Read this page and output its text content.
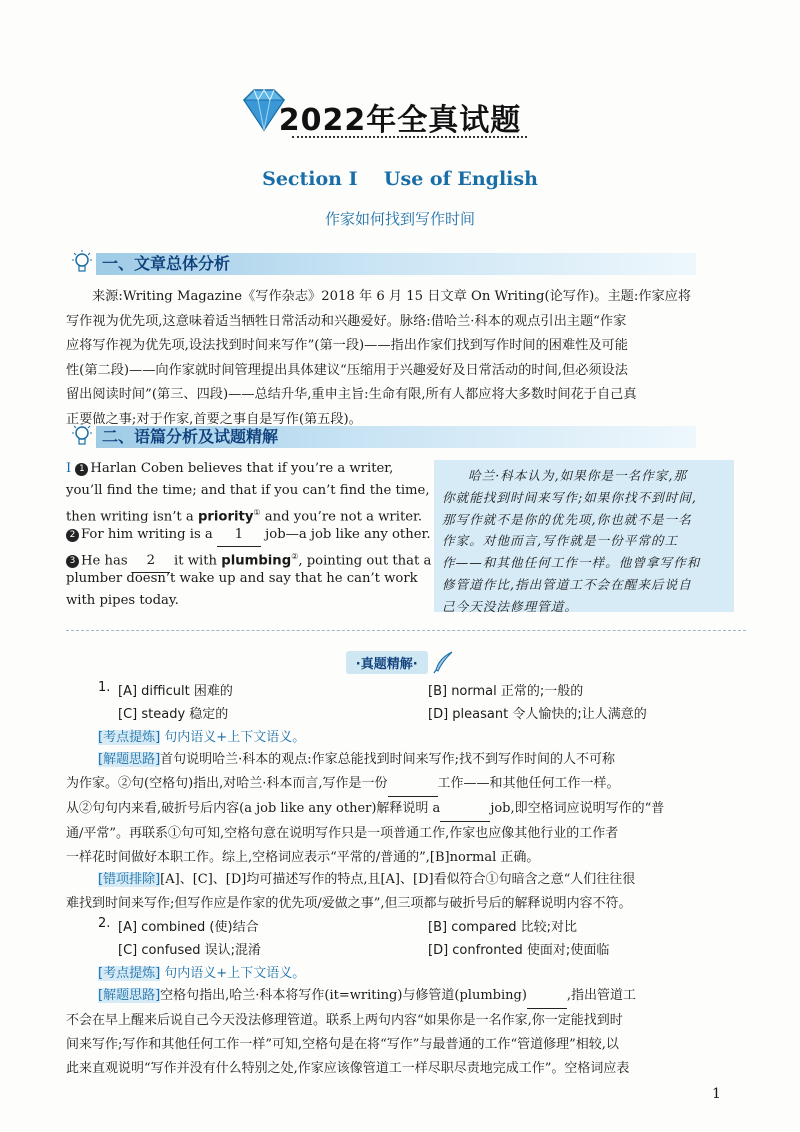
2022年全真试题
Section Ⅰ    Use of English
作家如何找到写作时间
一、文章总体分析
来源:Writing Magazine《写作杂志》2018 年 6 月 15 日文章 On Writing(论写作)。主题:作家应将
写作视为优先项,这意味着适当牺牲日常活动和兴趣爱好。脉络:借哈兰·科本的观点引出主题“作家
应将写作视为优先项,设法找到时间来写作”(第一段)——指出作家们找到写作时间的困难性及可能
性(第二段)——向作家就时间管理提出具体建议“压缩用于兴趣爱好及日常活动的时间,但必须设法
留出阅读时间”(第三、四段)——总结升华,重申主旨:生命有限,所有人都应将大多数时间花于自己真
正要做之事;对于作家,首要之事自是写作(第五段)。
二、语篇分析及试题精解
Ⅰ 1 Harlan Coben believes that if you’re a writer,
you’ll find the time; and that if you can’t find the time,
then writing isn’t a priority① and you’re not a writer.
2 For him writing is a 1 job—a job like any other.
3 He has 2 it with plumbing②, pointing out that a
plumber doesn’t wake up and say that he can’t work
with pipes today.
哈兰·科本认为,如果你是一名作家,那
你就能找到时间来写作;如果你找不到时间,
那写作就不是你的优先项,你也就不是一名
作家。对他而言,写作就是一份平常的工
作——和其他任何工作一样。他曾拿写作和
修管道作比,指出管道工不会在醒来后说自
己今天没法修理管道。
·真题精解·
1. [A] difficult 困难的	[B] normal 正常的;一般的
[C] steady 稳定的	[D] pleasant 令人愉快的;让人满意的
[考点提炼] 句内语义+上下文语义。
[解题思路]首句说明哈兰·科本的观点:作家总能找到时间来写作;找不到写作时间的人不可称
为作家。②句(空格句)指出,对哈兰·科本而言,写作是一份	工作——和其他任何工作一样。
从②句句内来看,破折号后内容(a job like any other)解释说明 a	job,即空格词应说明写作的“普
通/平常”。再联系①句可知,空格句意在说明写作只是一项普通工作,作家也应像其他行业的工作者
一样花时间做好本职工作。综上,空格词应表示“平常的/普通的”,[B]normal 正确。
[错项排除][A]、[C]、[D]均可描述写作的特点,且[A]、[D]看似符合①句暗含之意“人们往往很
难找到时间来写作;但写作应是作家的优先项/爱做之事”,但三项都与破折号后的解释说明内容不符。
2. [A] combined (使)结合	[B] compared 比较;对比
[C] confused 误认;混淆	[D] confronted 使面对;使面临
[考点提炼] 句内语义+上下文语义。
[解题思路]空格句指出,哈兰·科本将写作(it=writing)与修管道(plumbing)	,指出管道工
不会在早上醒来后说自己今天没法修理管道。联系上两句内容“如果你是一名作家,你一定能找到时
间来写作;写作和其他任何工作一样”可知,空格句是在将“写作”与最普通的工作“管道修理”相较,以
此来直观说明“写作并没有什么特别之处,作家应该像管道工一样尽职尽责地完成工作”。空格词应表
1
